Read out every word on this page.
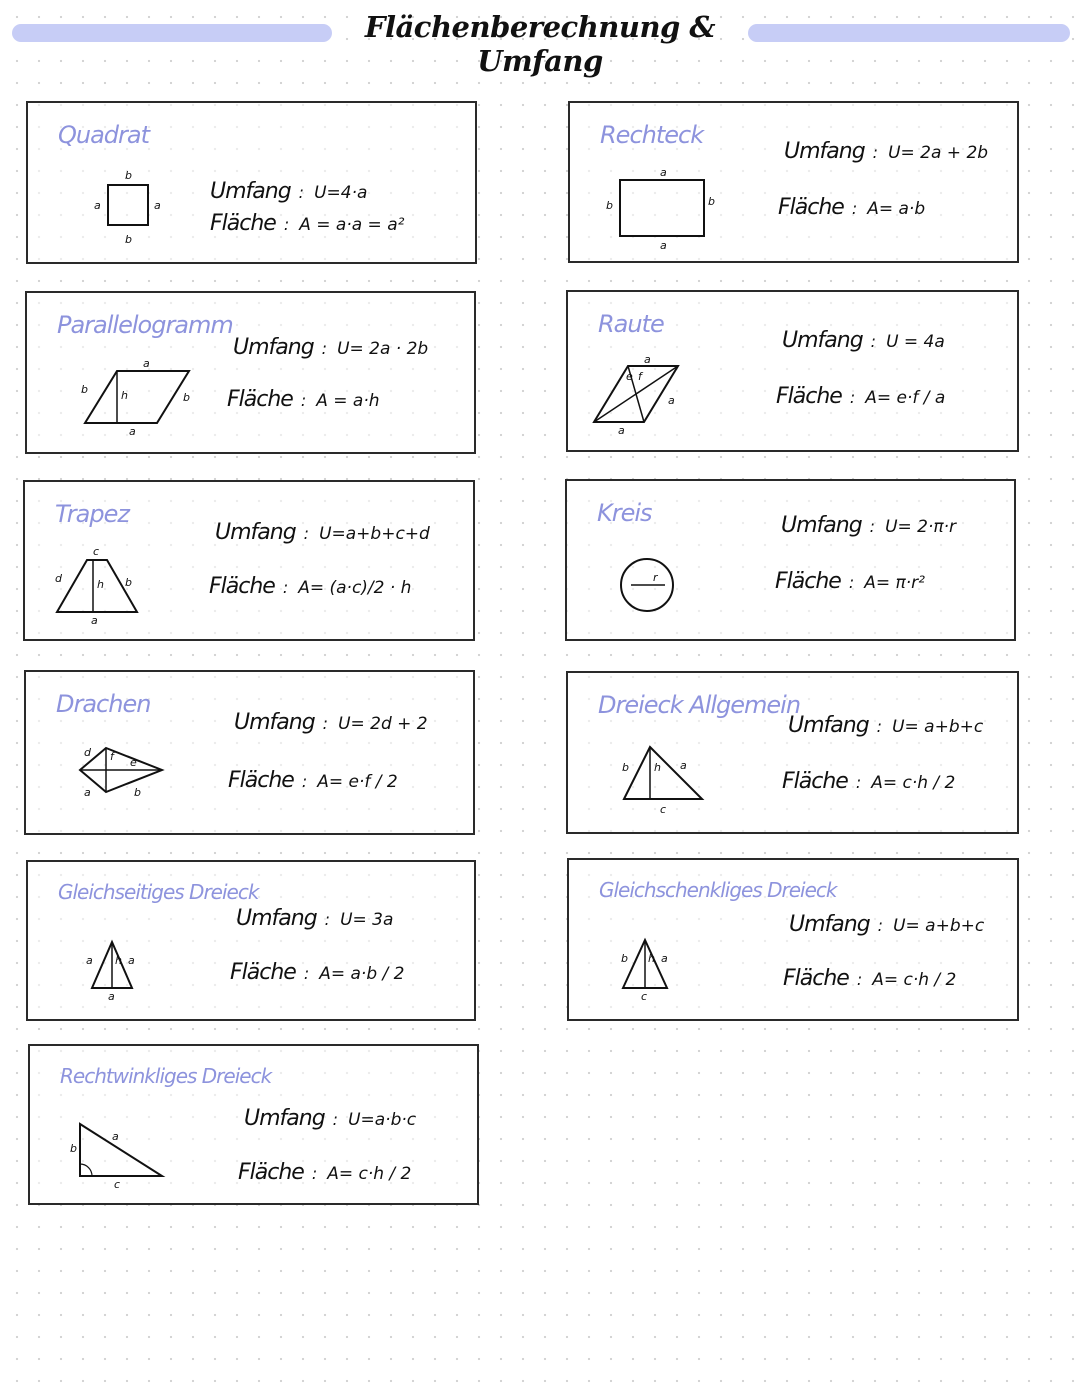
Flächenberechnung & Umfang
Quadrat
b
a	a
b
Umfang : U=4·a
Fläche : A = a·a = a²
Rechteck
a
b	b
a
Umfang : U= 2a + 2b
Fläche : A= a·b
Parallelogramm
a
b	h	b
a
Umfang : U= 2a · 2b
Fläche : A = a·h
Raute
a
e f
a
a
Umfang : U = 4a
Fläche : A= e·f / a
Trapez
c
d	h b
a
Umfang : U=a+b+c+d
Fläche : A= (a·c)/2 · h
Kreis
r
Umfang : U= 2·π·r
Fläche : A= π·r²
Drachen
d f e
a	b
Umfang : U= 2d + 2
Fläche : A= e·f / 2
Dreieck Allgemein
b h a
c
Umfang : U= a+b+c
Fläche : A= c·h / 2
Gleichseitiges Dreieck
a h a
a
Umfang : U= 3a
Fläche : A= a·b / 2
Gleichschenkliges Dreieck
b h a
c
Umfang : U= a+b+c
Fläche : A= c·h / 2
Rechtwinkliges Dreieck
b
a
c
Umfang : U=a·b·c
Fläche : A= c·h / 2
